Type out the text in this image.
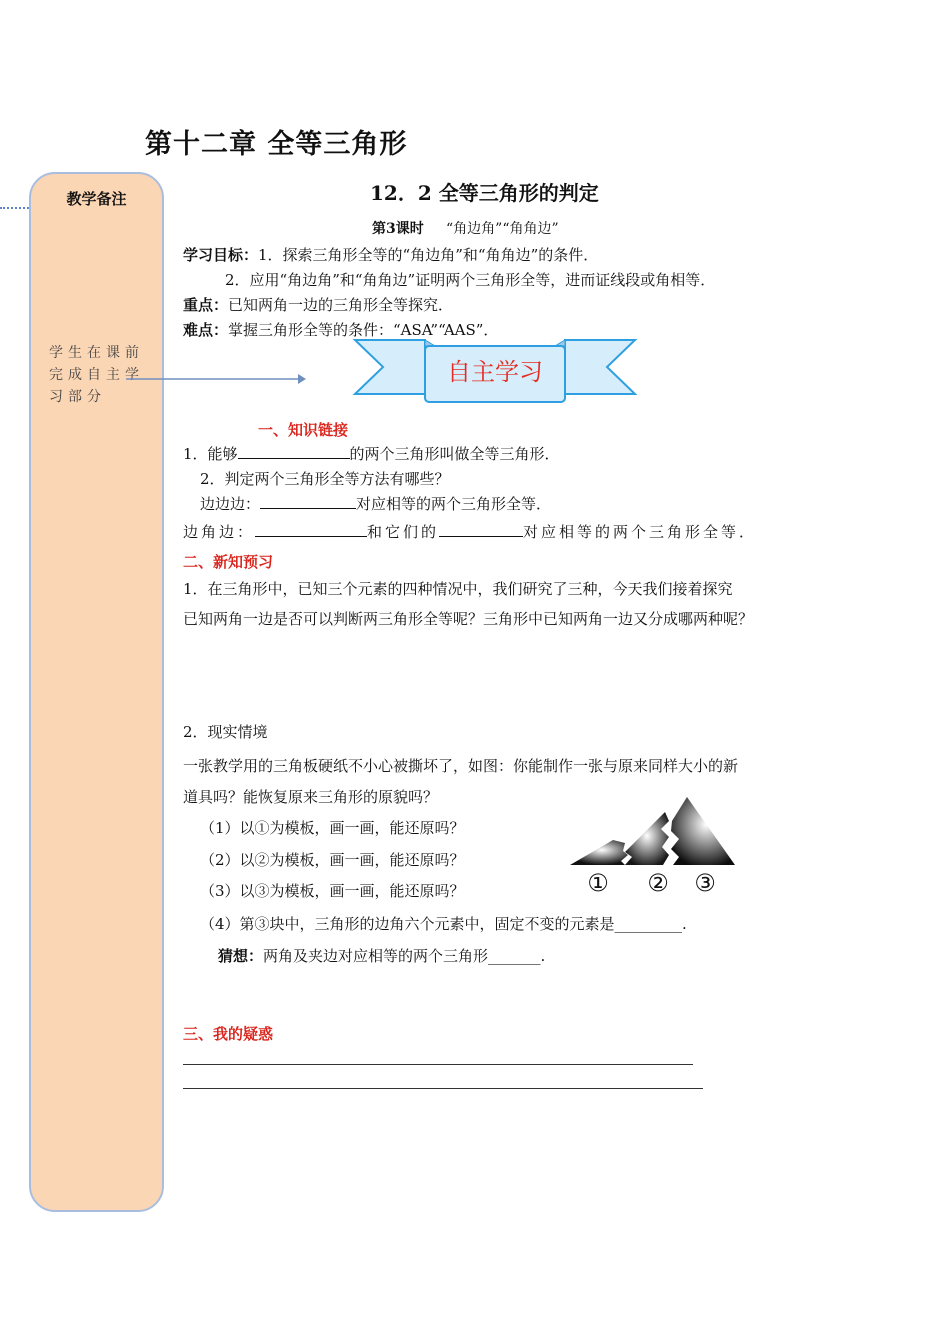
第十二章 全等三角形
教学备注
学生在课前完成自主学习部分
12．2 全等三角形的判定
第3课时 “角边角”“角角边”
学习目标：1．探索三角形全等的“角边角”和“角角边”的条件．
2．应用“角边角”和“角角边”证明两个三角形全等，进而证线段或角相等．
重点：已知两角一边的三角形全等探究．
难点：掌握三角形全等的条件：“ASA”“AAS”．
自主学习
一、知识链接
1．能够	的两个三角形叫做全等三角形．
2．判定两个三角形全等方法有哪些？
边边边：	对应相等的两个三角形全等．
边角边：	和它们的	对应相等的两个三角形全等．
二、新知预习
1．在三角形中，已知三个元素的四种情况中，我们研究了三种，今天我们接着探究
已知两角一边是否可以判断两三角形全等呢？三角形中已知两角一边又分成哪两种呢？
2．现实情境
一张教学用的三角板硬纸不小心被撕坏了，如图：你能制作一张与原来同样大小的新
道具吗？能恢复原来三角形的原貌吗？
（1）以①为模板，画一画，能还原吗？
（2）以②为模板，画一画，能还原吗？
（3）以③为模板，画一画，能还原吗？
（4）第③块中，三角形的边角六个元素中，固定不变的元素是_________.
猜想：两角及夹边对应相等的两个三角形_______.
① ② ③
三、我的疑惑
